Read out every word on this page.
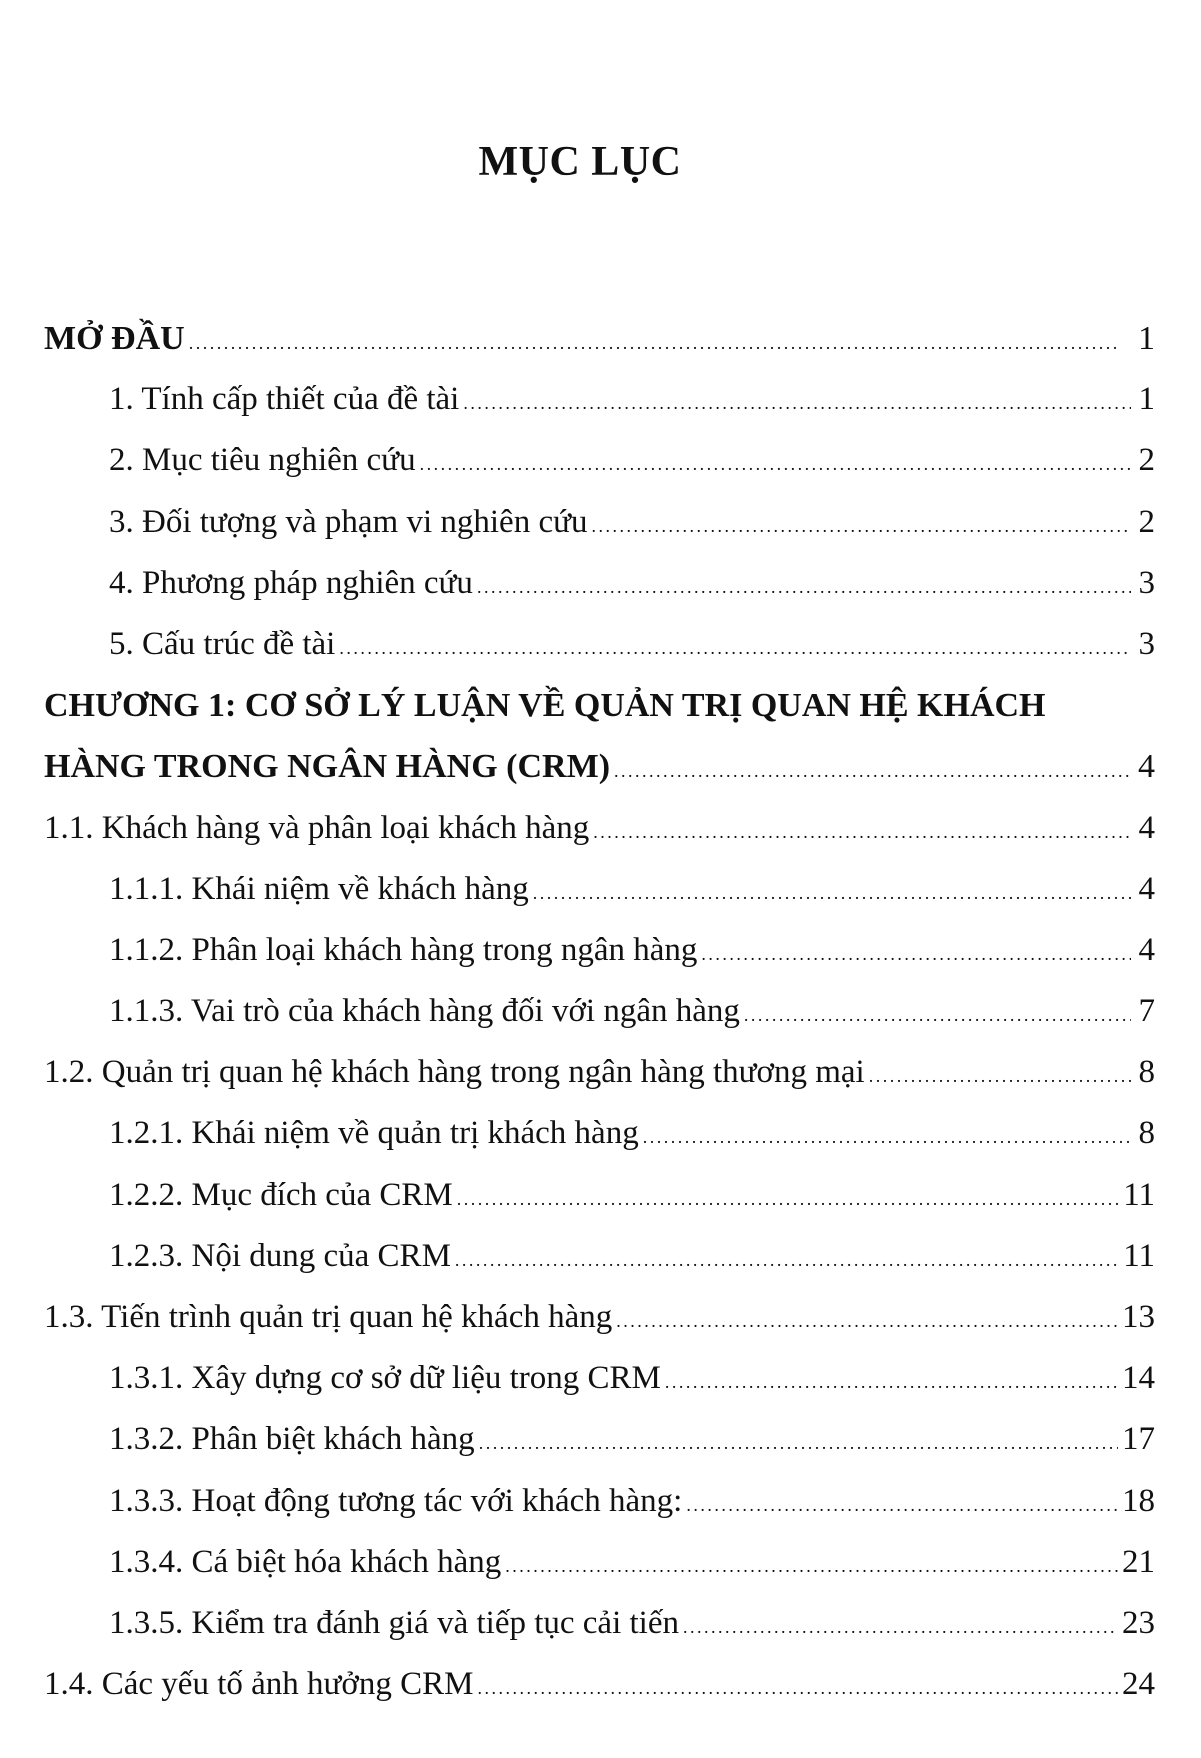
MỤC LỤC
MỞ ĐẦU . . .	1
1. Tính cấp thiết của đề tài . . .	1
2. Mục tiêu nghiên cứu . . .	2
3. Đối tượng và phạm vi nghiên cứu . . .	2
4. Phương pháp nghiên cứu . . .	3
5. Cấu trúc đề tài . . .	3
CHƯƠNG 1: CƠ SỞ LÝ LUẬN VỀ QUẢN TRỊ QUAN HỆ KHÁCH
HÀNG TRONG NGÂN HÀNG (CRM) . . .	4
1.1. Khách hàng và phân loại khách hàng . . .	4
1.1.1. Khái niệm về khách hàng . . .	4
1.1.2. Phân loại khách hàng trong ngân hàng . . .	4
1.1.3. Vai trò của khách hàng đối với ngân hàng . . .	7
1.2. Quản trị quan hệ khách hàng trong ngân hàng thương mại . . .	8
1.2.1. Khái niệm về quản trị khách hàng . . .	8
1.2.2. Mục đích của CRM . . .	11
1.2.3. Nội dung của CRM . . .	11
1.3. Tiến trình quản trị quan hệ khách hàng . . .	13
1.3.1. Xây dựng cơ sở dữ liệu trong CRM . . .	14
1.3.2. Phân biệt khách hàng . . .	17
1.3.3. Hoạt động tương tác với khách hàng: . . .	18
1.3.4. Cá biệt hóa khách hàng . . .	21
1.3.5. Kiểm tra đánh giá và tiếp tục cải tiến . . .	23
1.4. Các yếu tố ảnh hưởng CRM . . .	24
